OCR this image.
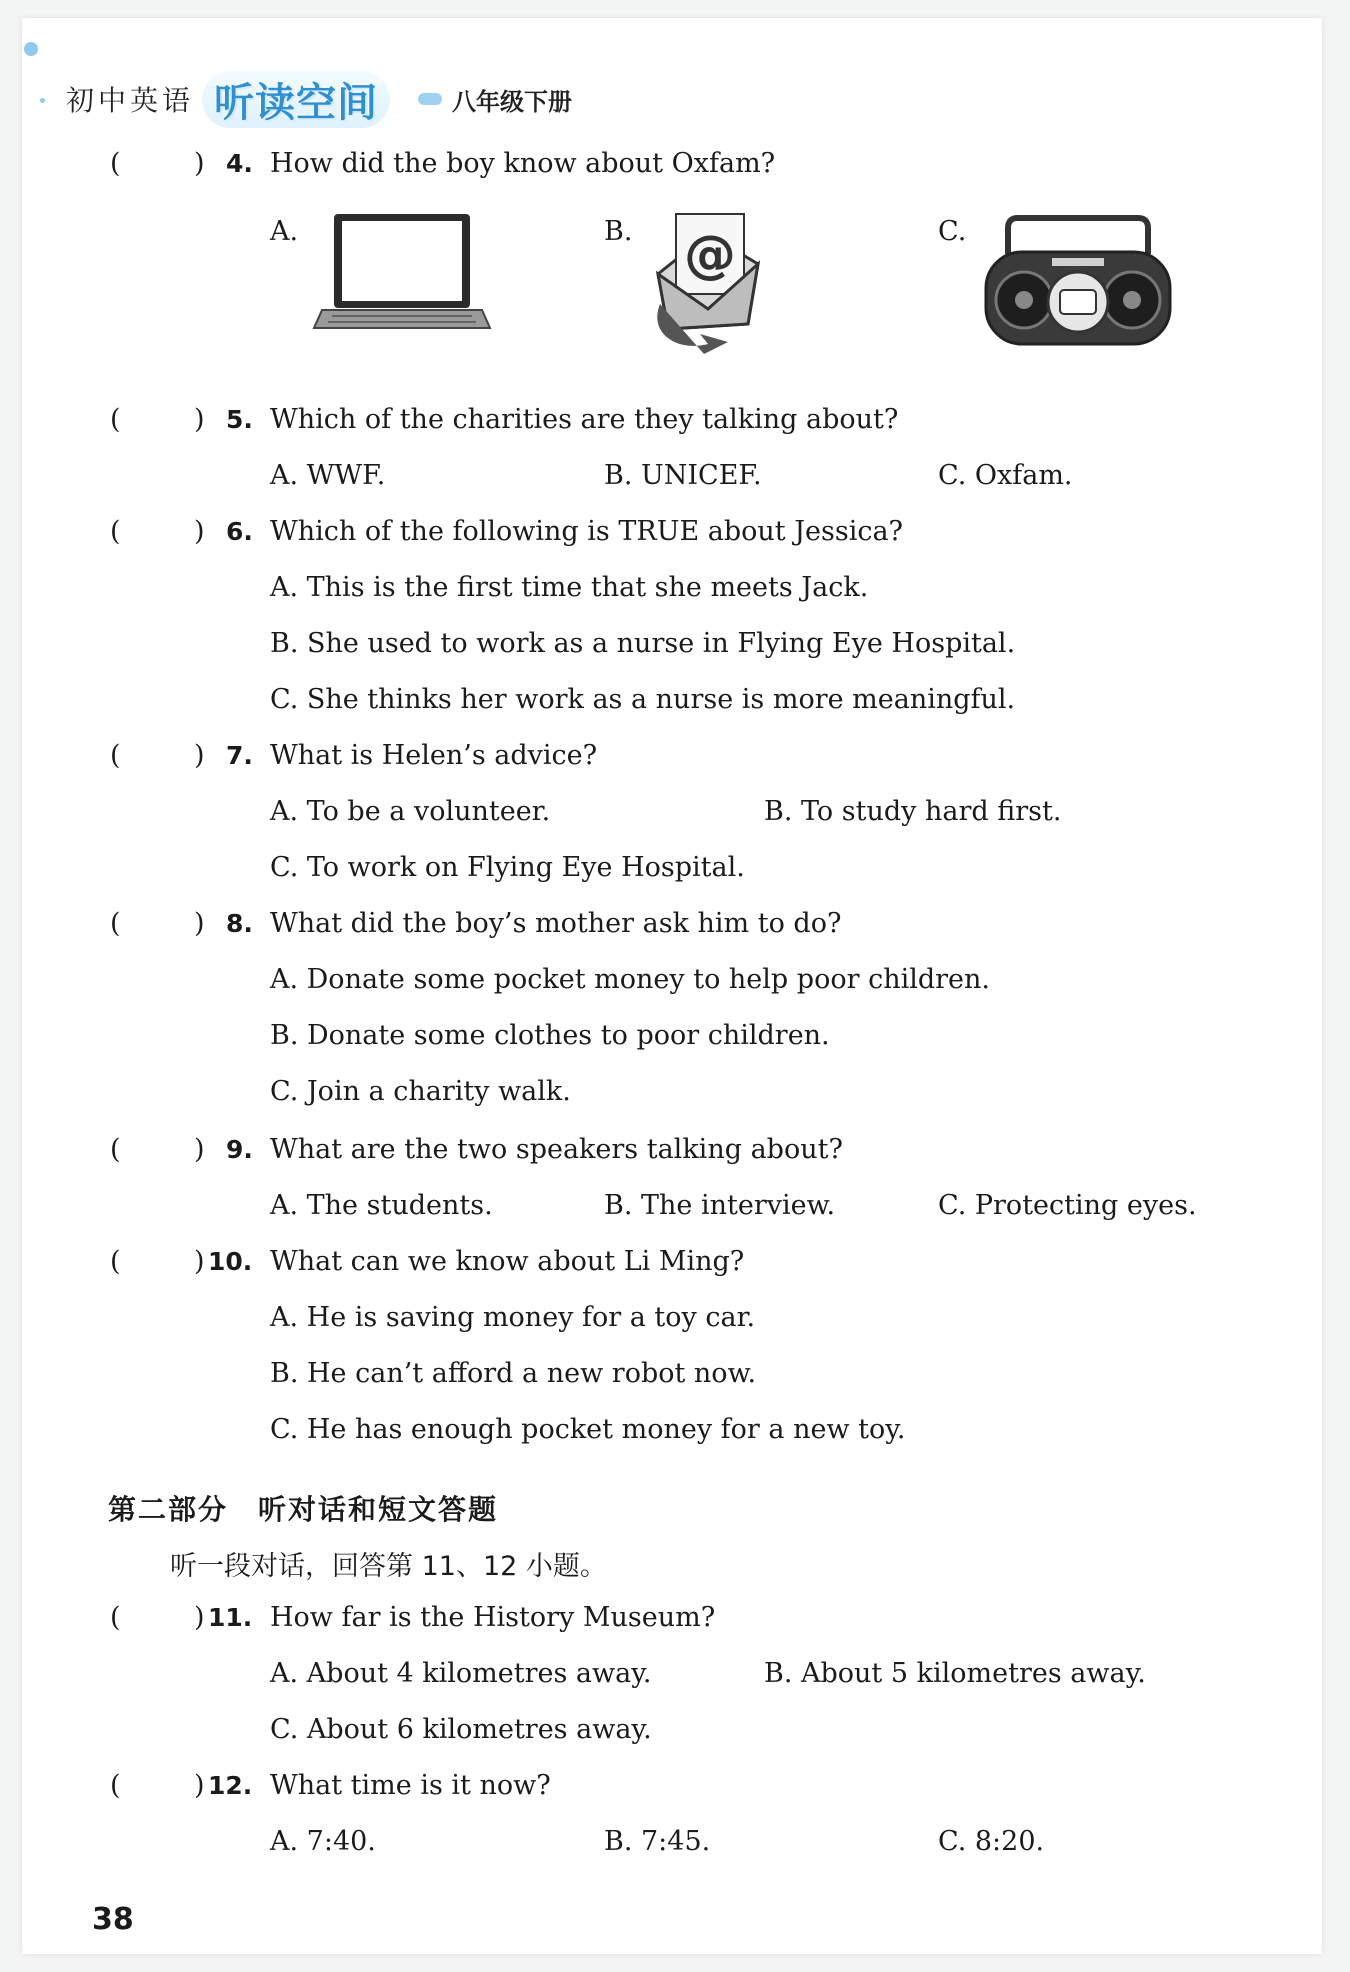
初中英语 听读空间	八年级下册
(	) 4. How did the boy know about Oxfam?
A.	B. @	C.
(	) 5. Which of the charities are they talking about?
A. WWF.	B. UNICEF.	C. Oxfam.
(	) 6. Which of the following is TRUE about Jessica?
A. This is the first time that she meets Jack.
B. She used to work as a nurse in Flying Eye Hospital.
C. She thinks her work as a nurse is more meaningful.
(	) 7. What is Helen’s advice?
A. To be a volunteer.	B. To study hard first.
C. To work on Flying Eye Hospital.
(	) 8. What did the boy’s mother ask him to do?
A. Donate some pocket money to help poor children.
B. Donate some clothes to poor children.
C. Join a charity walk.
(	) 9. What are the two speakers talking about?
A. The students.	B. The interview.	C. Protecting eyes.
(	) 10. What can we know about Li Ming?
A. He is saving money for a toy car.
B. He can’t afford a new robot now.
C. He has enough pocket money for a new toy.
第二部分　听对话和短文答题
听一段对话，回答第 11、12 小题。
(	) 11. How far is the History Museum?
A. About 4 kilometres away.	B. About 5 kilometres away.
C. About 6 kilometres away.
(	) 12. What time is it now?
A. 7:40.	B. 7:45.	C. 8:20.
38
